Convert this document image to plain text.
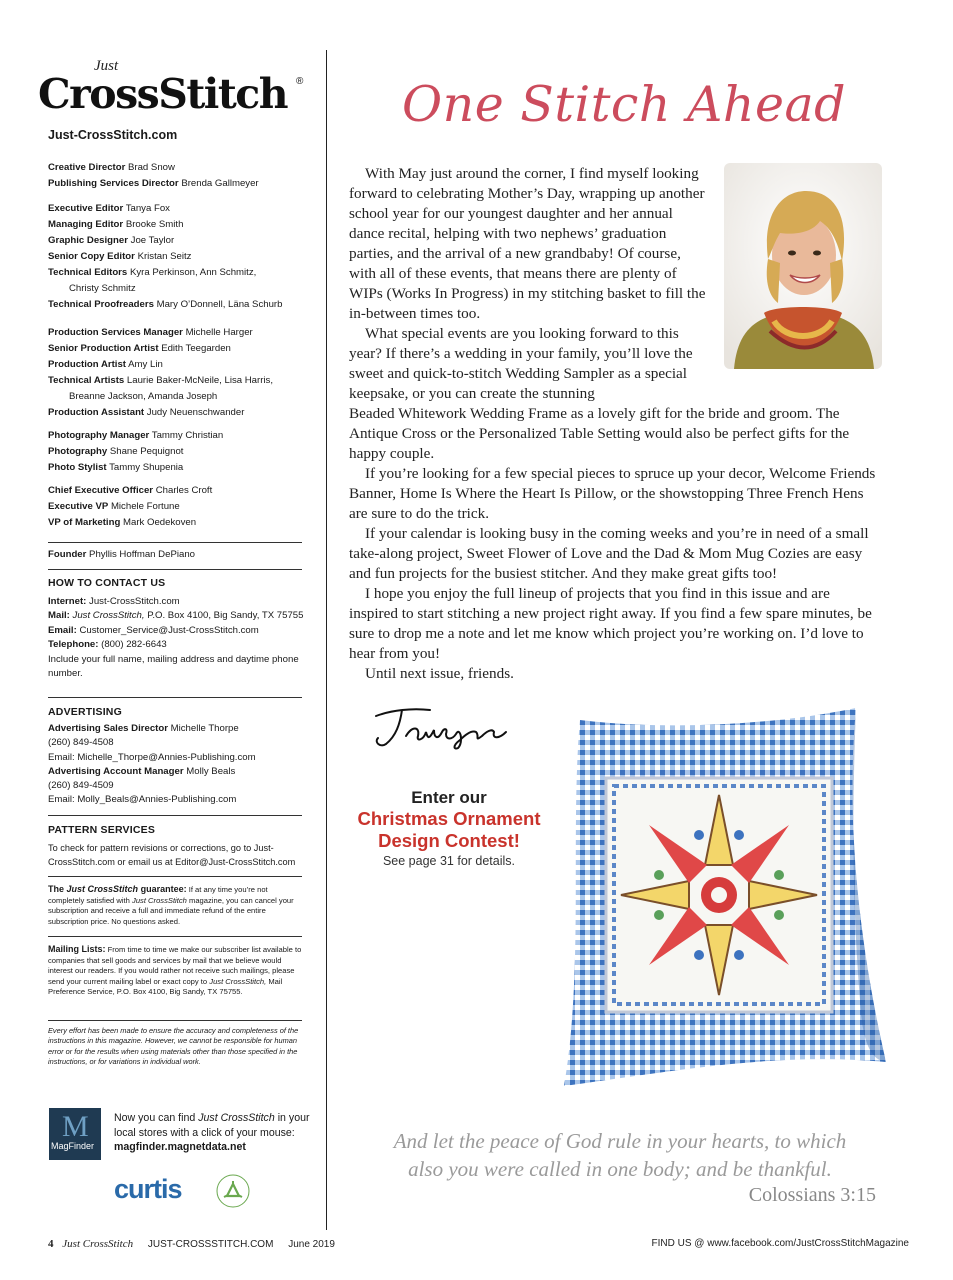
Just
CrossStitch ®
Just-CrossStitch.com
Creative Director Brad Snow
Publishing Services Director Brenda Gallmeyer
Executive Editor Tanya Fox
Managing Editor Brooke Smith
Graphic Designer Joe Taylor
Senior Copy Editor Kristan Seitz
Technical Editors Kyra Perkinson, Ann Schmitz,
Christy Schmitz
Technical Proofreaders Mary O’Donnell, Läna Schurb
Production Services Manager Michelle Harger
Senior Production Artist Edith Teegarden
Production Artist Amy Lin
Technical Artists Laurie Baker-McNeile, Lisa Harris,
Breanne Jackson, Amanda Joseph
Production Assistant Judy Neuenschwander
Photography Manager Tammy Christian
Photography Shane Pequignot
Photo Stylist Tammy Shupenia
Chief Executive Officer Charles Croft
Executive VP Michele Fortune
VP of Marketing Mark Oedekoven
Founder Phyllis Hoffman DePiano
HOW TO CONTACT US
Internet: Just-CrossStitch.com
Mail: Just CrossStitch, P.O. Box 4100, Big Sandy, TX 75755
Email: Customer_Service@Just-CrossStitch.com
Telephone: (800) 282-6643
Include your full name, mailing address and daytime phone number.
ADVERTISING
Advertising Sales Director Michelle Thorpe
(260) 849-4508
Email: Michelle_Thorpe@Annies-Publishing.com
Advertising Account Manager Molly Beals
(260) 849-4509
Email: Molly_Beals@Annies-Publishing.com
PATTERN SERVICES
To check for pattern revisions or corrections, go to Just-CrossStitch.com or email us at Editor@Just-CrossStitch.com
The Just CrossStitch guarantee: If at any time you’re not completely satisfied with Just CrossStitch magazine, you can cancel your subscription and receive a full and immediate refund of the entire subscription price. No questions asked.
Mailing Lists: From time to time we make our subscriber list available to companies that sell goods and services by mail that we believe would interest our readers. If you would rather not receive such mailings, please send your current mailing label or exact copy to Just CrossStitch, Mail Preference Service, P.O. Box 4100, Big Sandy, TX 75755.
Every effort has been made to ensure the accuracy and completeness of the instructions in this magazine. However, we cannot be responsible for human error or for the results when using materials other than those specified in the instructions, or for variations in individual work.
M
MagFinder
Now you can find Just CrossStitch in your local stores with a click of your mouse:
magfinder.magnetdata.net
curtis
One Stitch Ahead

With May just around the corner, I find myself looking forward to celebrating Mother’s Day, wrapping up another school year for our youngest daughter and her annual dance recital, helping with two nephews’ graduation parties, and the arrival of a new grandbaby! Of course, with all of these events, that means there are plenty of WIPs (Works In Progress) in my stitching basket to fill the in-between times too.

What special events are you looking forward to this year? If there’s a wedding in your family, you’ll love the sweet and quick-to-stitch Wedding Sampler as a special keepsake, or you can create the stunning

Beaded Whitework Wedding Frame as a lovely gift for the bride and groom. The Antique Cross or the Personalized Table Setting would also be perfect gifts for the happy couple.

If you’re looking for a few special pieces to spruce up your decor, Welcome Friends Banner, Home Is Where the Heart Is Pillow, or the showstopping Three French Hens are sure to do the trick.

If your calendar is looking busy in the coming weeks and you’re in need of a small take-along project, Sweet Flower of Love and the Dad & Mom Mug Cozies are easy and fun projects for the busiest stitcher. And they make great gifts too!

I hope you enjoy the full lineup of projects that you find in this issue and are inspired to start stitching a new project right away. If you find a few spare minutes, be sure to drop me a note and let me know which project you’re working on. I’d love to hear from you!

Until next issue, friends.

Enter our
Christmas Ornament
Design Contest!
See page 31 for details.
And let the peace of God rule in your hearts, to which
also you were called in one body; and be thankful.
Colossians 3:15
4 Just CrossStitch JUST-CROSSSTITCH.COM June 2019	FIND US @ www.facebook.com/JustCrossStitchMagazine
